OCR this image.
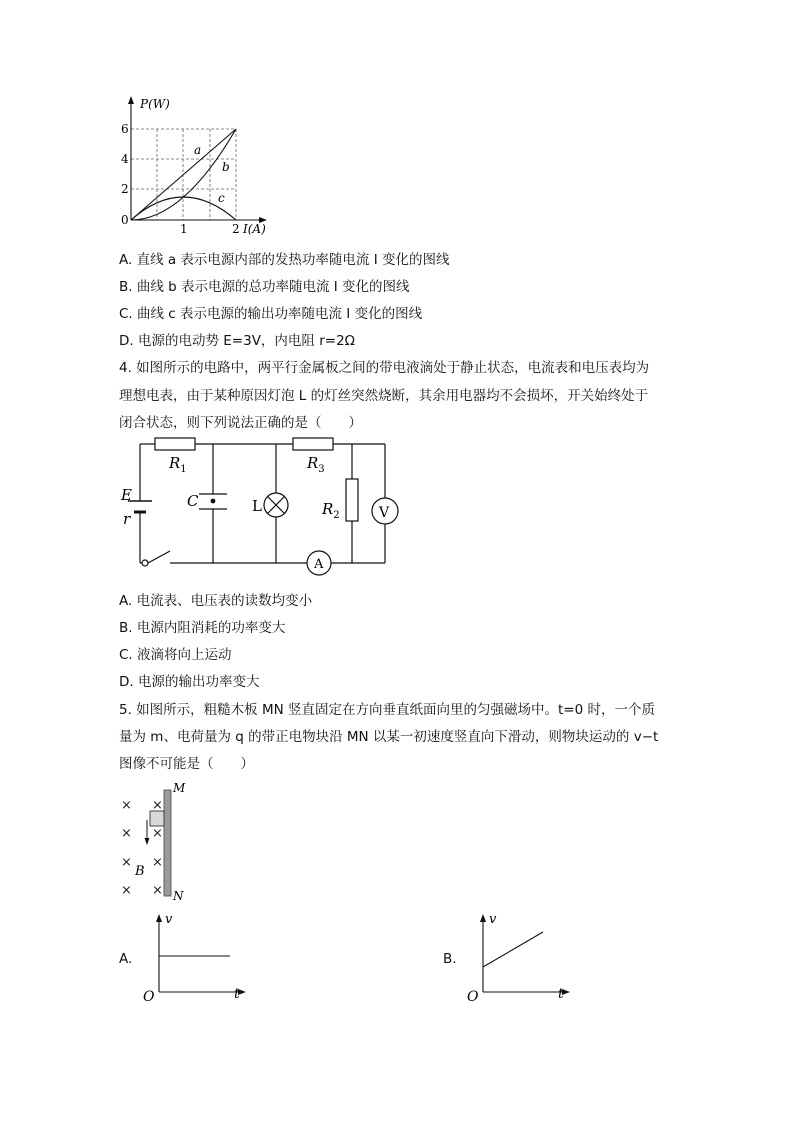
P(W)
I(A)
0
2
4
6
1	2
a
b
c
A. 直线 a 表示电源内部的发热功率随电流 I 变化的图线
B. 曲线 b 表示电源的总功率随电流 I 变化的图线
C. 曲线 c 表示电源的输出功率随电流 I 变化的图线
D. 电源的电动势 E=3V，内电阻 r=2Ω
4. 如图所示的电路中，两平行金属板之间的带电液滴处于静止状态，电流表和电压表均为
理想电表，由于某种原因灯泡 L 的灯丝突然烧断，其余用电器均不会损坏，开关始终处于
闭合状态，则下列说法正确的是（　　）
$R_1$	$R_3$
$R_2$
E
r
C	L	V
A
A. 电流表、电压表的读数均变小
B. 电源内阻消耗的功率变大
C. 液滴将向上运动
D. 电源的输出功率变大
5. 如图所示，粗糙木板 MN 竖直固定在方向垂直纸面向里的匀强磁场中。t=0 时，一个质
量为 m、电荷量为 q 的带正电物块沿 MN 以某一初速度竖直向下滑动，则物块运动的 v−t
图像不可能是（　　）
× ×
× ×
× ×
× ×
B
M
N
A.
v
t
O
B.
v
t
O
